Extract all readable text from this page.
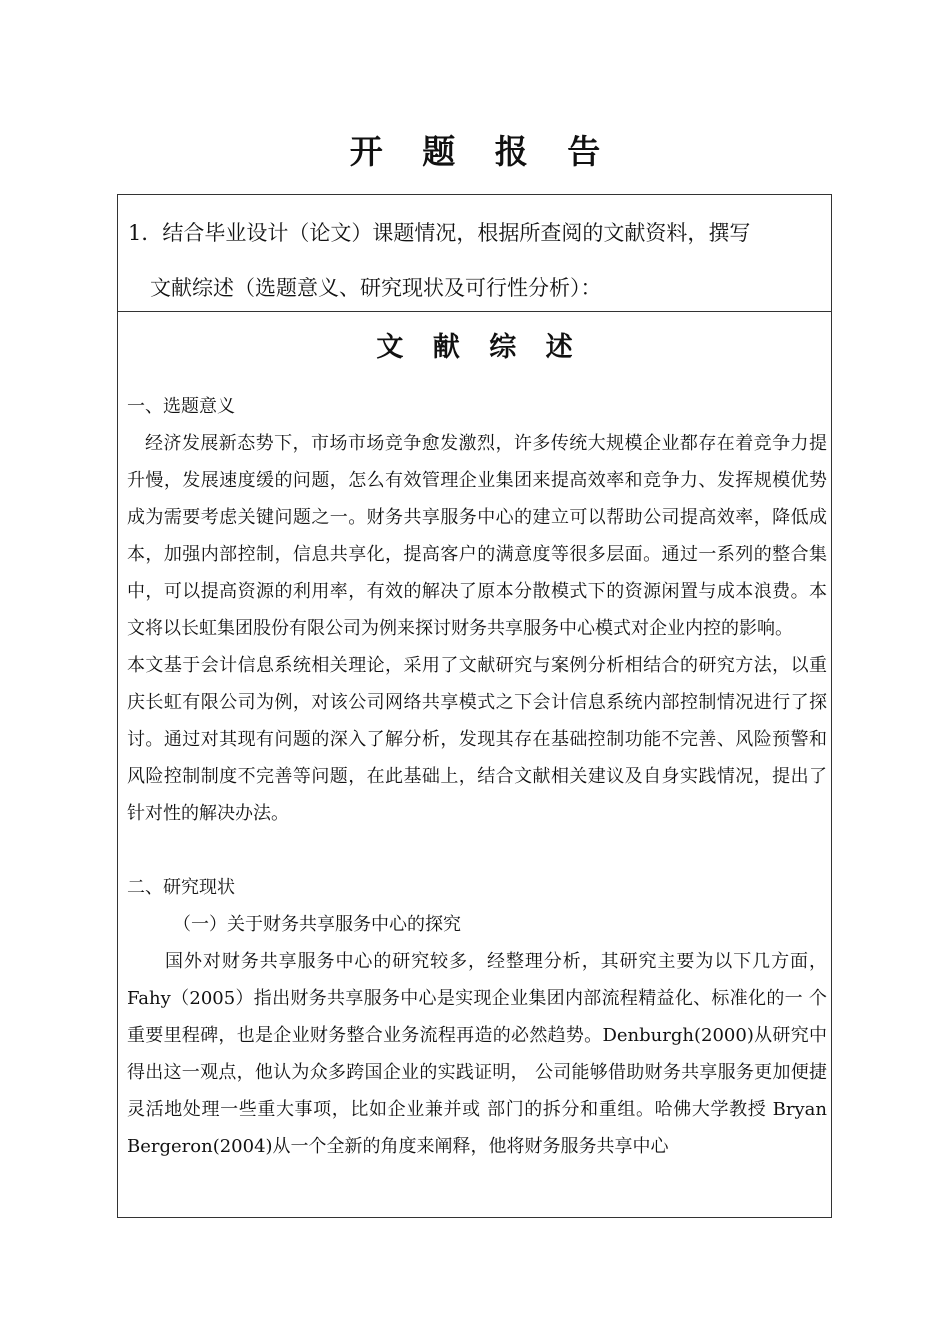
开 题 报 告
1．结合毕业设计（论文）课题情况，根据所查阅的文献资料，撰写
文献综述（选题意义、研究现状及可行性分析）：
文 献 综 述

一、选题意义

经济发展新态势下，市场市场竞争愈发激烈，许多传统大规模企业都存在着竞争力提升慢，发展速度缓的问题，怎么有效管理企业集团来提高效率和竞争力、发挥规模优势成为需要考虑关键问题之一。财务共享服务中心的建立可以帮助公司提高效率，降低成本，加强内部控制，信息共享化，提高客户的满意度等很多层面。通过一系列的整合集中，可以提高资源的利用率，有效的解决了原本分散模式下的资源闲置与成本浪费。本文将以长虹集团股份有限公司为例来探讨财务共享服务中心模式对企业内控的影响。

本文基于会计信息系统相关理论，采用了文献研究与案例分析相结合的研究方法，以重庆长虹有限公司为例，对该公司网络共享模式之下会计信息系统内部控制情况进行了探讨。通过对其现有问题的深入了解分析，发现其存在基础控制功能不完善、风险预警和风险控制制度不完善等问题，在此基础上，结合文献相关建议及自身实践情况，提出了针对性的解决办法。

二、研究现状

（一）关于财务共享服务中心的探究

国外对财务共享服务中心的研究较多，经整理分析，其研究主要为以下几方面，Fahy（2005）指出财务共享服务中心是实现企业集团内部流程精益化、标准化的一 个重要里程碑，也是企业财务整合业务流程再造的必然趋势。Denburgh(2000)从研究中得出这一观点，他认为众多跨国企业的实践证明， 公司能够借助财务共享服务更加便捷灵活地处理一些重大事项，比如企业兼并或 部门的拆分和重组。哈佛大学教授 Bryan Bergeron(2004)从一个全新的角度来阐释，他将财务服务共享中心
